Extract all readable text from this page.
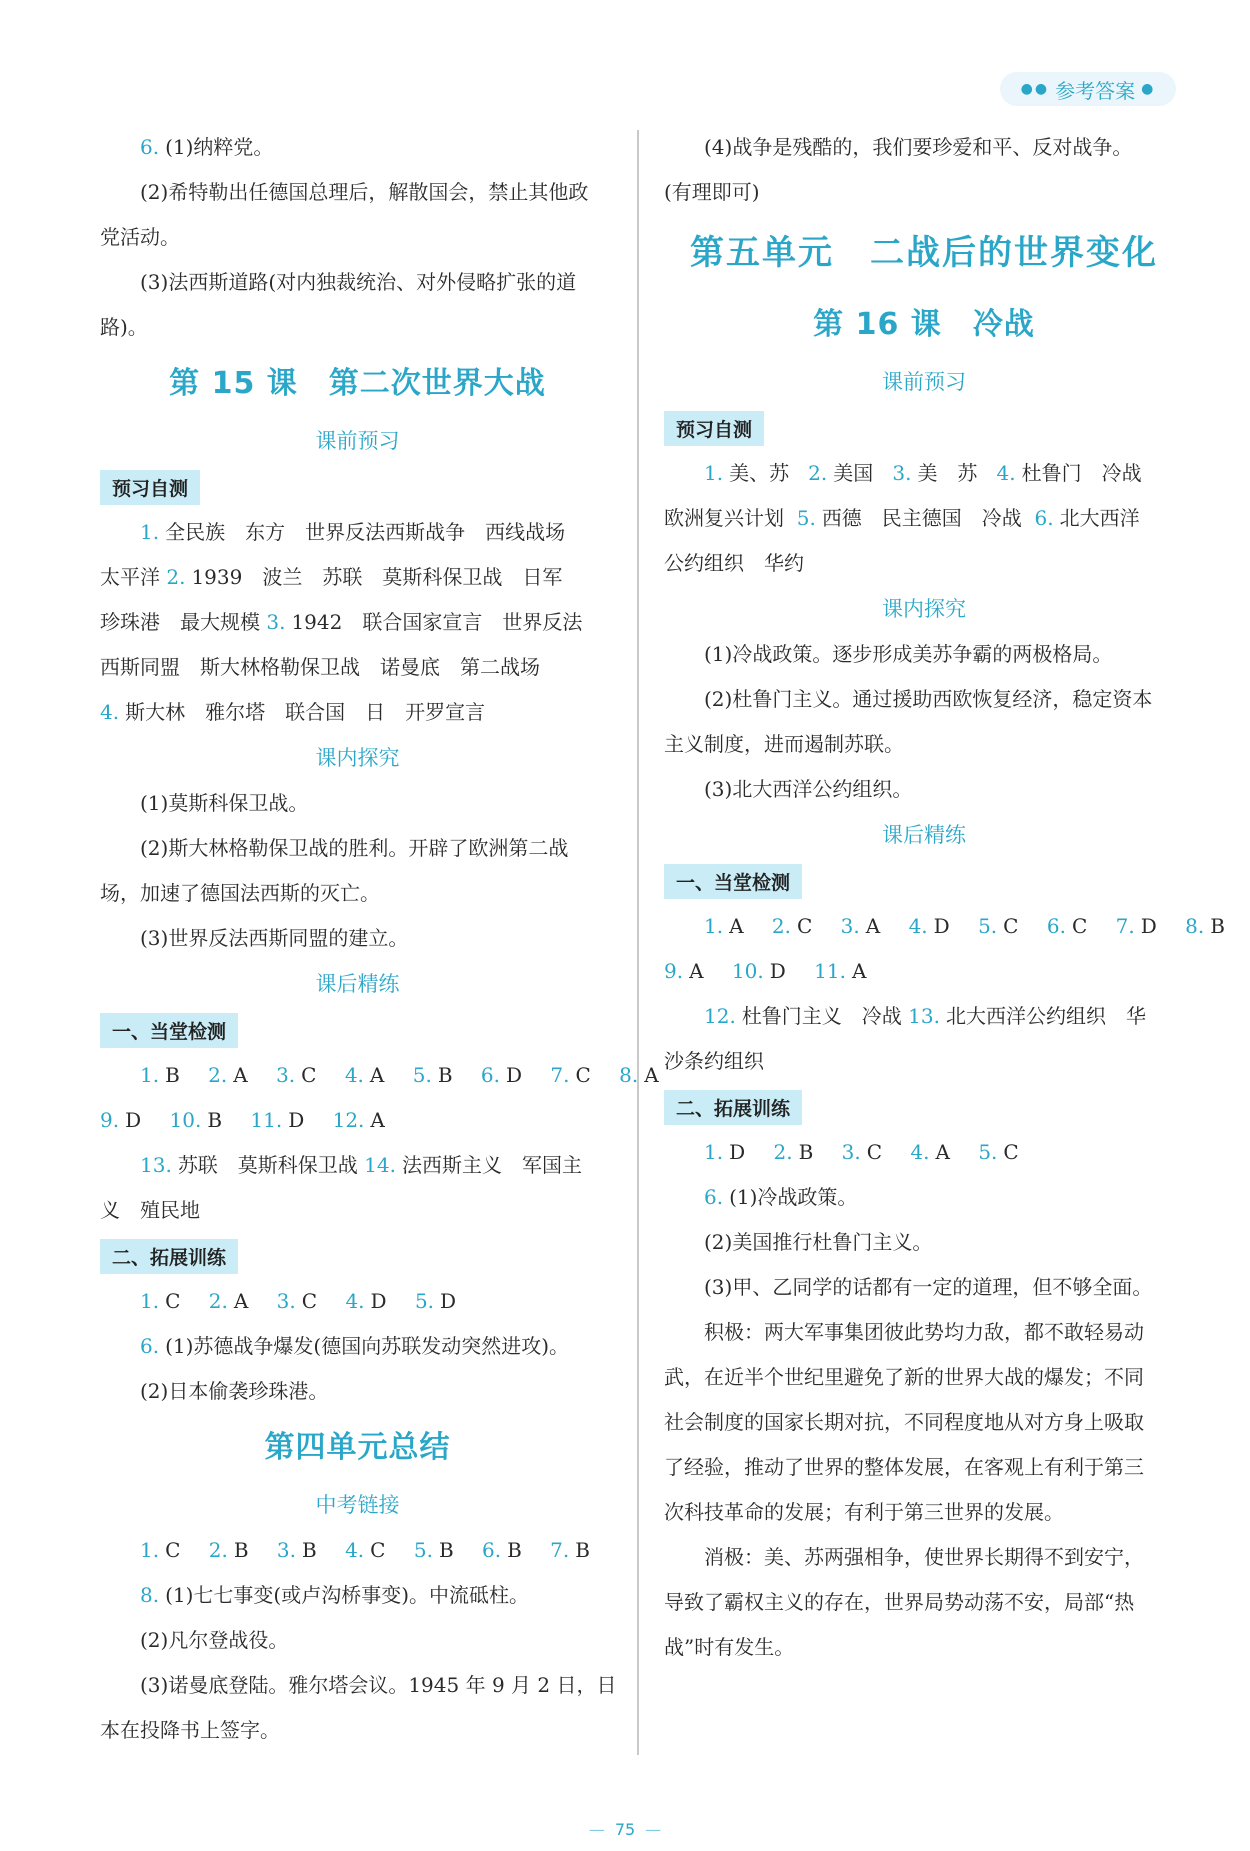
●● 参考答案 ●
6. (1)纳粹党。
(2)希特勒出任德国总理后，解散国会，禁止其他政
党活动。
(3)法西斯道路(对内独裁统治、对外侵略扩张的道
路)。
第 15 课　第二次世界大战
课前预习
预习自测
1. 全民族　东方　世界反法西斯战争　西线战场
太平洋 2. 1939　波兰　苏联　莫斯科保卫战　日军
珍珠港　最大规模 3. 1942　联合国家宣言　世界反法
西斯同盟　斯大林格勒保卫战　诺曼底　第二战场
4. 斯大林　雅尔塔　联合国　日　开罗宣言
课内探究
(1)莫斯科保卫战。
(2)斯大林格勒保卫战的胜利。开辟了欧洲第二战
场，加速了德国法西斯的灭亡。
(3)世界反法西斯同盟的建立。
课后精练
一、当堂检测
1. B 2. A 3. C 4. A 5. B 6. D 7. C 8. A
9. D 10. B 11. D 12. A
13. 苏联　莫斯科保卫战 14. 法西斯主义　军国主
义　殖民地
二、拓展训练
1. C 2. A 3. C 4. D 5. D
6. (1)苏德战争爆发(德国向苏联发动突然进攻)。
(2)日本偷袭珍珠港。
第四单元总结
中考链接
1. C 2. B 3. B 4. C 5. B 6. B 7. B
8. (1)七七事变(或卢沟桥事变)。中流砥柱。
(2)凡尔登战役。
(3)诺曼底登陆。雅尔塔会议。1945 年 9 月 2 日，日
本在投降书上签字。
(4)战争是残酷的，我们要珍爱和平、反对战争。
(有理即可)
第五单元　二战后的世界变化
第 16 课　冷战
课前预习
预习自测
1. 美、苏 2. 美国 3. 美　苏 4. 杜鲁门　冷战
欧洲复兴计划 5. 西德　民主德国　冷战 6. 北大西洋
公约组织　华约
课内探究
(1)冷战政策。逐步形成美苏争霸的两极格局。
(2)杜鲁门主义。通过援助西欧恢复经济，稳定资本
主义制度，进而遏制苏联。
(3)北大西洋公约组织。
课后精练
一、当堂检测
1. A 2. C 3. A 4. D 5. C 6. C 7. D 8. B
9. A 10. D 11. A
12. 杜鲁门主义　冷战 13. 北大西洋公约组织　华
沙条约组织
二、拓展训练
1. D 2. B 3. C 4. A 5. C
6. (1)冷战政策。
(2)美国推行杜鲁门主义。
(3)甲、乙同学的话都有一定的道理，但不够全面。
积极：两大军事集团彼此势均力敌，都不敢轻易动
武，在近半个世纪里避免了新的世界大战的爆发；不同
社会制度的国家长期对抗，不同程度地从对方身上吸取
了经验，推动了世界的整体发展，在客观上有利于第三
次科技革命的发展；有利于第三世界的发展。
消极：美、苏两强相争，使世界长期得不到安宁，
导致了霸权主义的存在，世界局势动荡不安，局部“热
战”时有发生。
— 75 —
